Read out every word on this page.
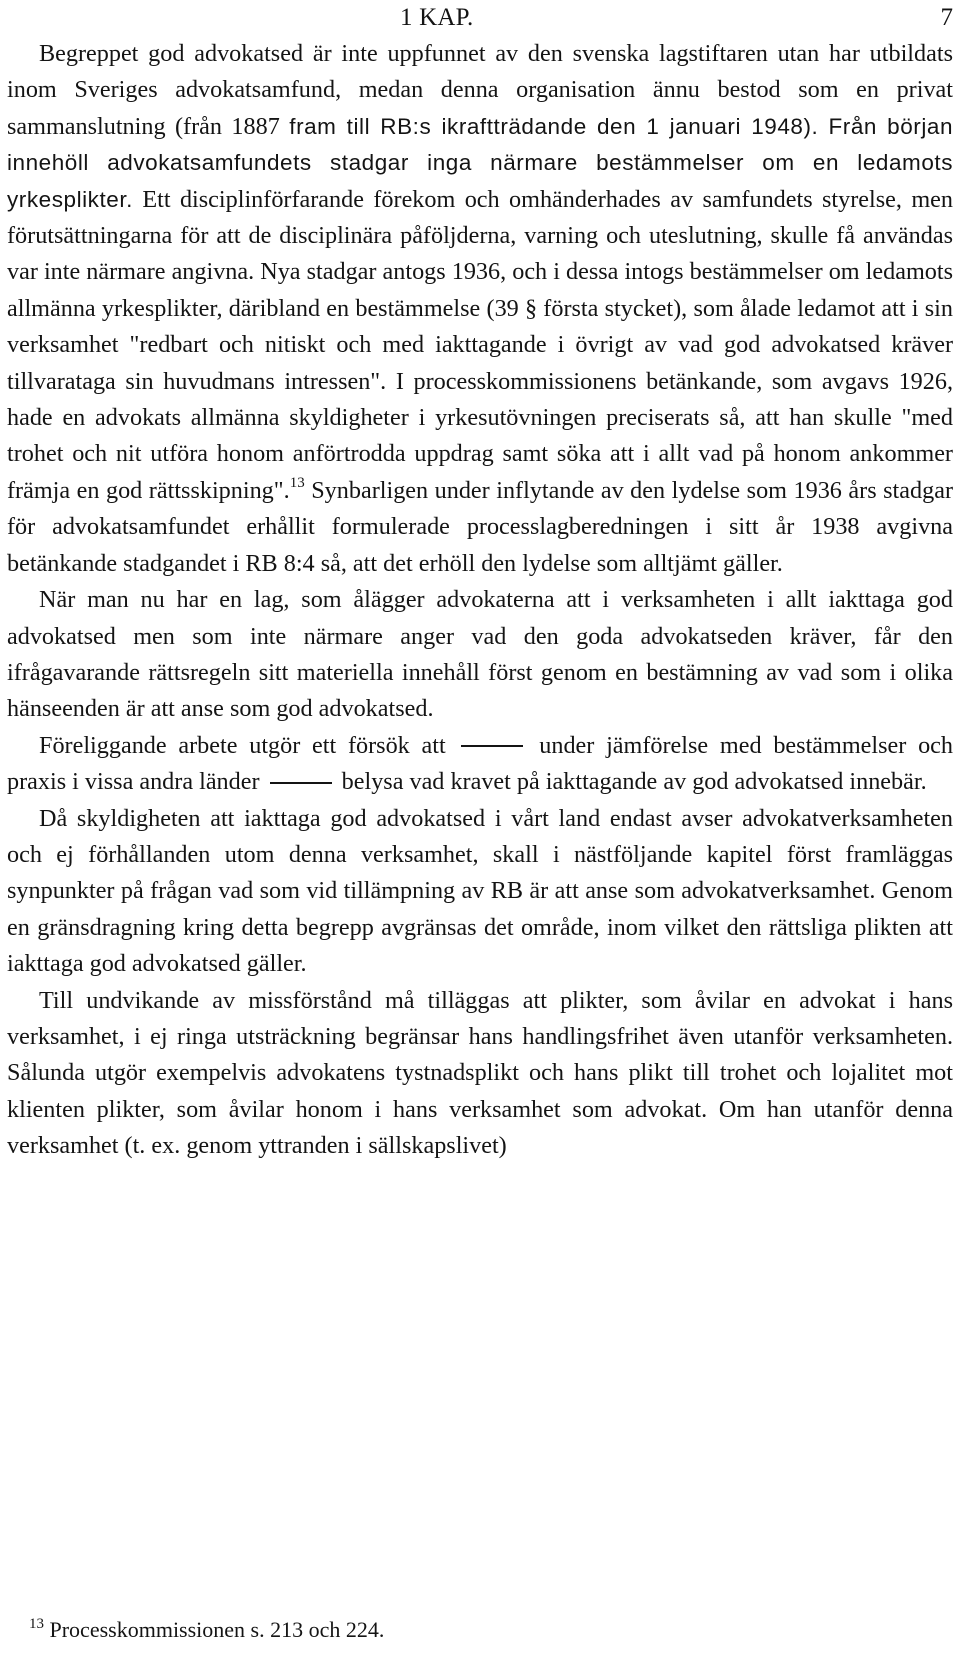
1 KAP.	7

Begreppet god advokatsed är inte uppfunnet av den svenska lagstiftaren utan har utbildats inom Sveriges advokatsamfund, medan denna organisation ännu bestod som en privat sammanslutning (från 1887 fram till RB:s ikraftträdande den 1 januari 1948). Från början innehöll advokatsamfundets stadgar inga närmare bestämmelser om en ledamots yrkesplikter. Ett disciplinförfarande förekom och omhänderhades av samfundets styrelse, men förutsättningarna för att de disciplinära påföljderna, varning och uteslutning, skulle få användas var inte närmare angivna. Nya stadgar antogs 1936, och i dessa intogs bestämmelser om ledamots allmänna yrkesplikter, däribland en bestämmelse (39 § första stycket), som ålade ledamot att i sin verksamhet "redbart och nitiskt och med iakttagande i övrigt av vad god advokatsed kräver tillvarataga sin huvudmans intressen". I processkommissionens betänkande, som avgavs 1926, hade en advokats allmänna skyldigheter i yrkesutövningen preciserats så, att han skulle "med trohet och nit utföra honom anförtrodda uppdrag samt söka att i allt vad på honom ankommer främja en god rättsskipning".$^{13}$ Synbarligen under inflytande av den lydelse som 1936 års stadgar för advokatsamfundet erhållit formulerade processlagberedningen i sitt år 1938 avgivna betänkande stadgandet i RB 8:4 så, att det erhöll den lydelse som alltjämt gäller.

När man nu har en lag, som ålägger advokaterna att i verksamheten i allt iakttaga god advokatsed men som inte närmare anger vad den goda advokatseden kräver, får den ifrågavarande rättsregeln sitt materiella innehåll först genom en bestämning av vad som i olika hänseenden är att anse som god advokatsed.

Föreliggande arbete utgör ett försök att	under jämförelse med bestämmelser och praxis i vissa andra länder	belysa vad kravet på iakttagande av god advokatsed innebär.

Då skyldigheten att iakttaga god advokatsed i vårt land endast avser advokatverksamheten och ej förhållanden utom denna verksamhet, skall i nästföljande kapitel först framläggas synpunkter på frågan vad som vid tillämpning av RB är att anse som advokatverksamhet. Genom en gränsdragning kring detta begrepp avgränsas det område, inom vilket den rättsliga plikten att iakttaga god advokatsed gäller.

Till undvikande av missförstånd må tilläggas att plikter, som åvilar en advokat i hans verksamhet, i ej ringa utsträckning begränsar hans handlingsfrihet även utanför verksamheten. Sålunda utgör exempelvis advokatens tystnadsplikt och hans plikt till trohet och lojalitet mot klienten plikter, som åvilar honom i hans verksamhet som advokat. Om han utanför denna verksamhet (t. ex. genom yttranden i sällskapslivet)

$^{13}$ Processkommissionen s. 213 och 224.
